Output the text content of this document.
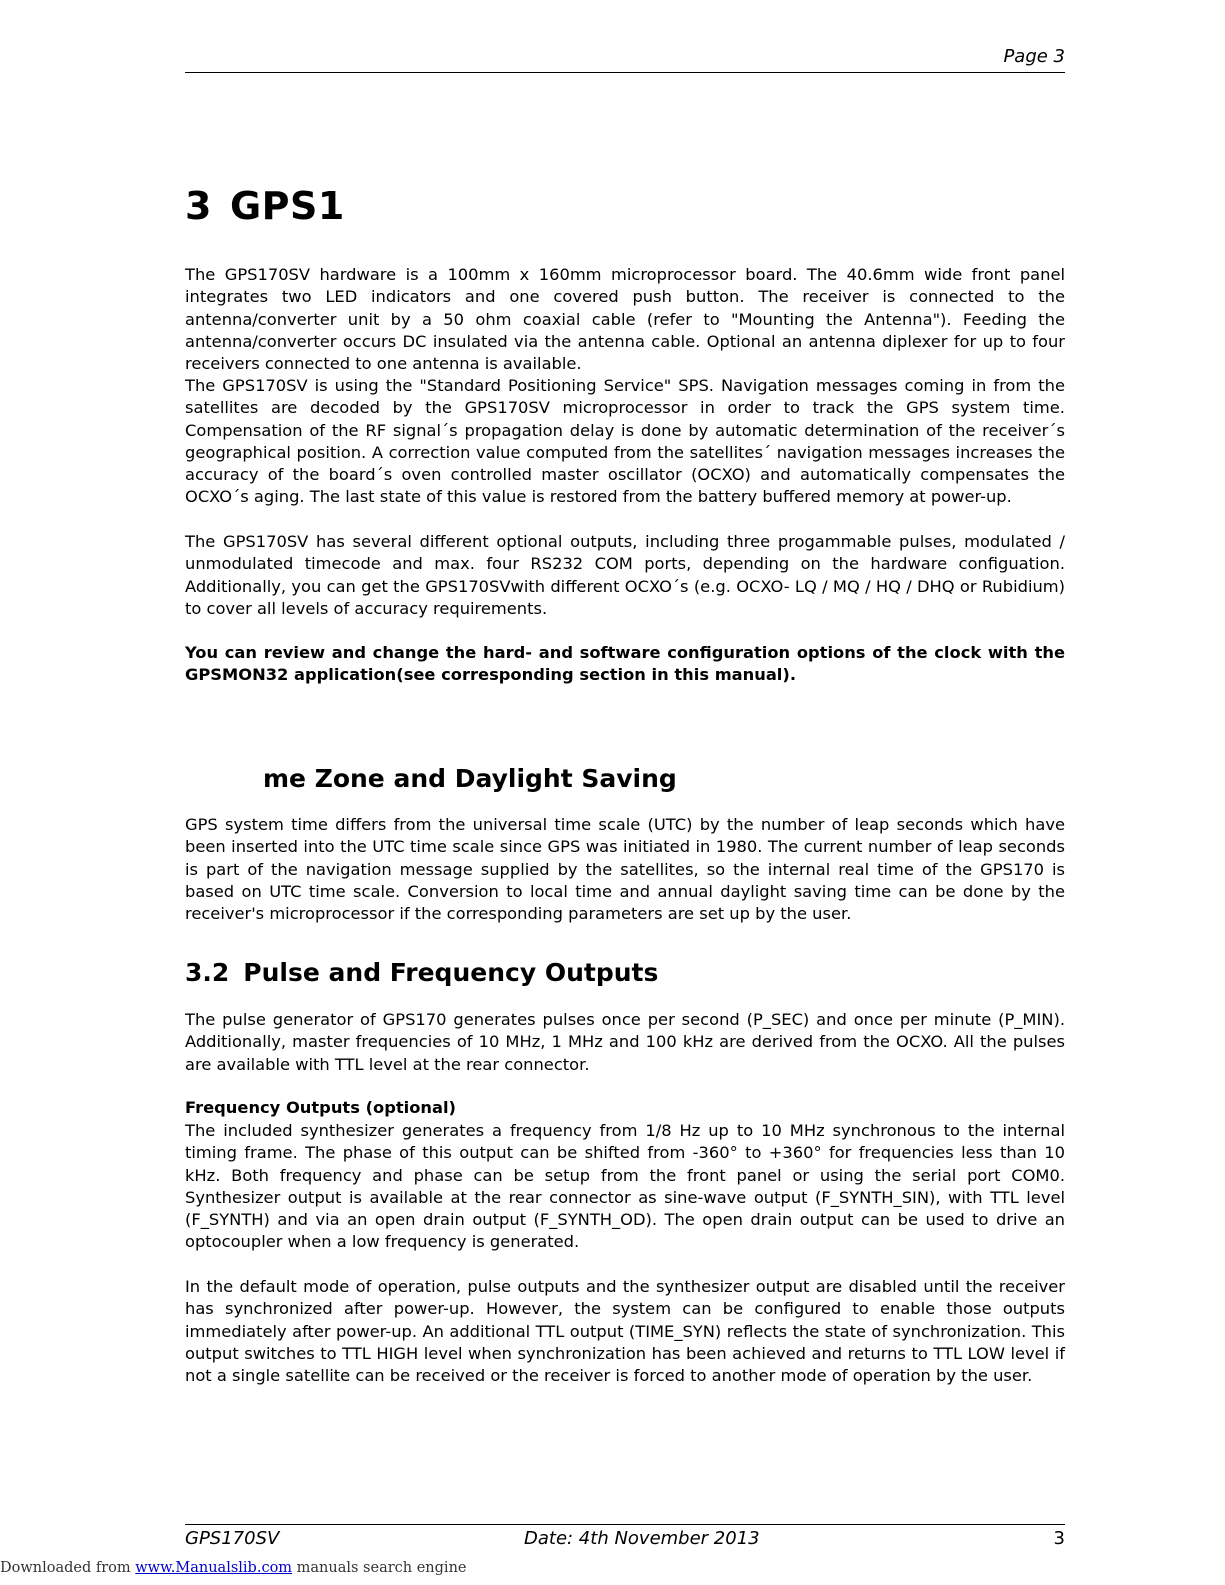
Page 3
3 GPS1

The GPS170SV hardware is a 100mm x 160mm microprocessor board. The 40.6mm wide front panel integrates two LED indicators and one covered push button. The receiver is connected to the antenna/converter unit by a 50 ohm coaxial cable (refer to "Mounting the Antenna"). Feeding the antenna/converter occurs DC insulated via the antenna cable. Optional an antenna diplexer for up to four receivers connected to one antenna is available.

The GPS170SV is using the "Standard Positioning Service" SPS. Navigation messages coming in from the satellites are decoded by the GPS170SV microprocessor in order to track the GPS system time. Compensation of the RF signal´s propagation delay is done by automatic determination of the receiver´s geographical position. A correction value computed from the satellites´ navigation messages increases the accuracy of the board´s oven controlled master oscillator (OCXO) and automatically compensates the OCXO´s aging. The last state of this value is restored from the battery buffered memory at power-up.

The GPS170SV has several different optional outputs, including three progammable pulses, modulated / unmodulated timecode and max. four RS232 COM ports, depending on the hardware configuation. Additionally, you can get the GPS170SVwith different OCXO´s (e.g. OCXO- LQ / MQ / HQ / DHQ or Rubidium) to cover all levels of accuracy requirements.

You can review and change the hard- and software configuration options of the clock with the GPSMON32 application(see corresponding section in this manual).

me Zone and Daylight Saving

GPS system time differs from the universal time scale (UTC) by the number of leap seconds which have been inserted into the UTC time scale since GPS was initiated in 1980. The current number of leap seconds is part of the navigation message supplied by the satellites, so the internal real time of the GPS170 is based on UTC time scale. Conversion to local time and annual daylight saving time can be done by the receiver's microprocessor if the corresponding parameters are set up by the user.

3.2 Pulse and Frequency Outputs

The pulse generator of GPS170 generates pulses once per second (P_SEC) and once per minute (P_MIN). Additionally, master frequencies of 10 MHz, 1 MHz and 100 kHz are derived from the OCXO. All the pulses are available with TTL level at the rear connector.

Frequency Outputs (optional)

The included synthesizer generates a frequency from 1/8 Hz up to 10 MHz synchronous to the internal timing frame. The phase of this output can be shifted from -360° to +360° for frequencies less than 10 kHz. Both frequency and phase can be setup from the front panel or using the serial port COM0. Synthesizer output is available at the rear connector as sine-wave output (F_SYNTH_SIN), with TTL level (F_SYNTH) and via an open drain output (F_SYNTH_OD). The open drain output can be used to drive an optocoupler when a low frequency is generated.

In the default mode of operation, pulse outputs and the synthesizer output are disabled until the receiver has synchronized after power-up. However, the system can be configured to enable those outputs immediately after power-up. An additional TTL output (TIME_SYN) reflects the state of synchronization. This output switches to TTL HIGH level when synchronization has been achieved and returns to TTL LOW level if not a single satellite can be received or the receiver is forced to another mode of operation by the user.

GPS170SV	Date: 4th November 2013	3
Downloaded from www.Manualslib.com manuals search engine
